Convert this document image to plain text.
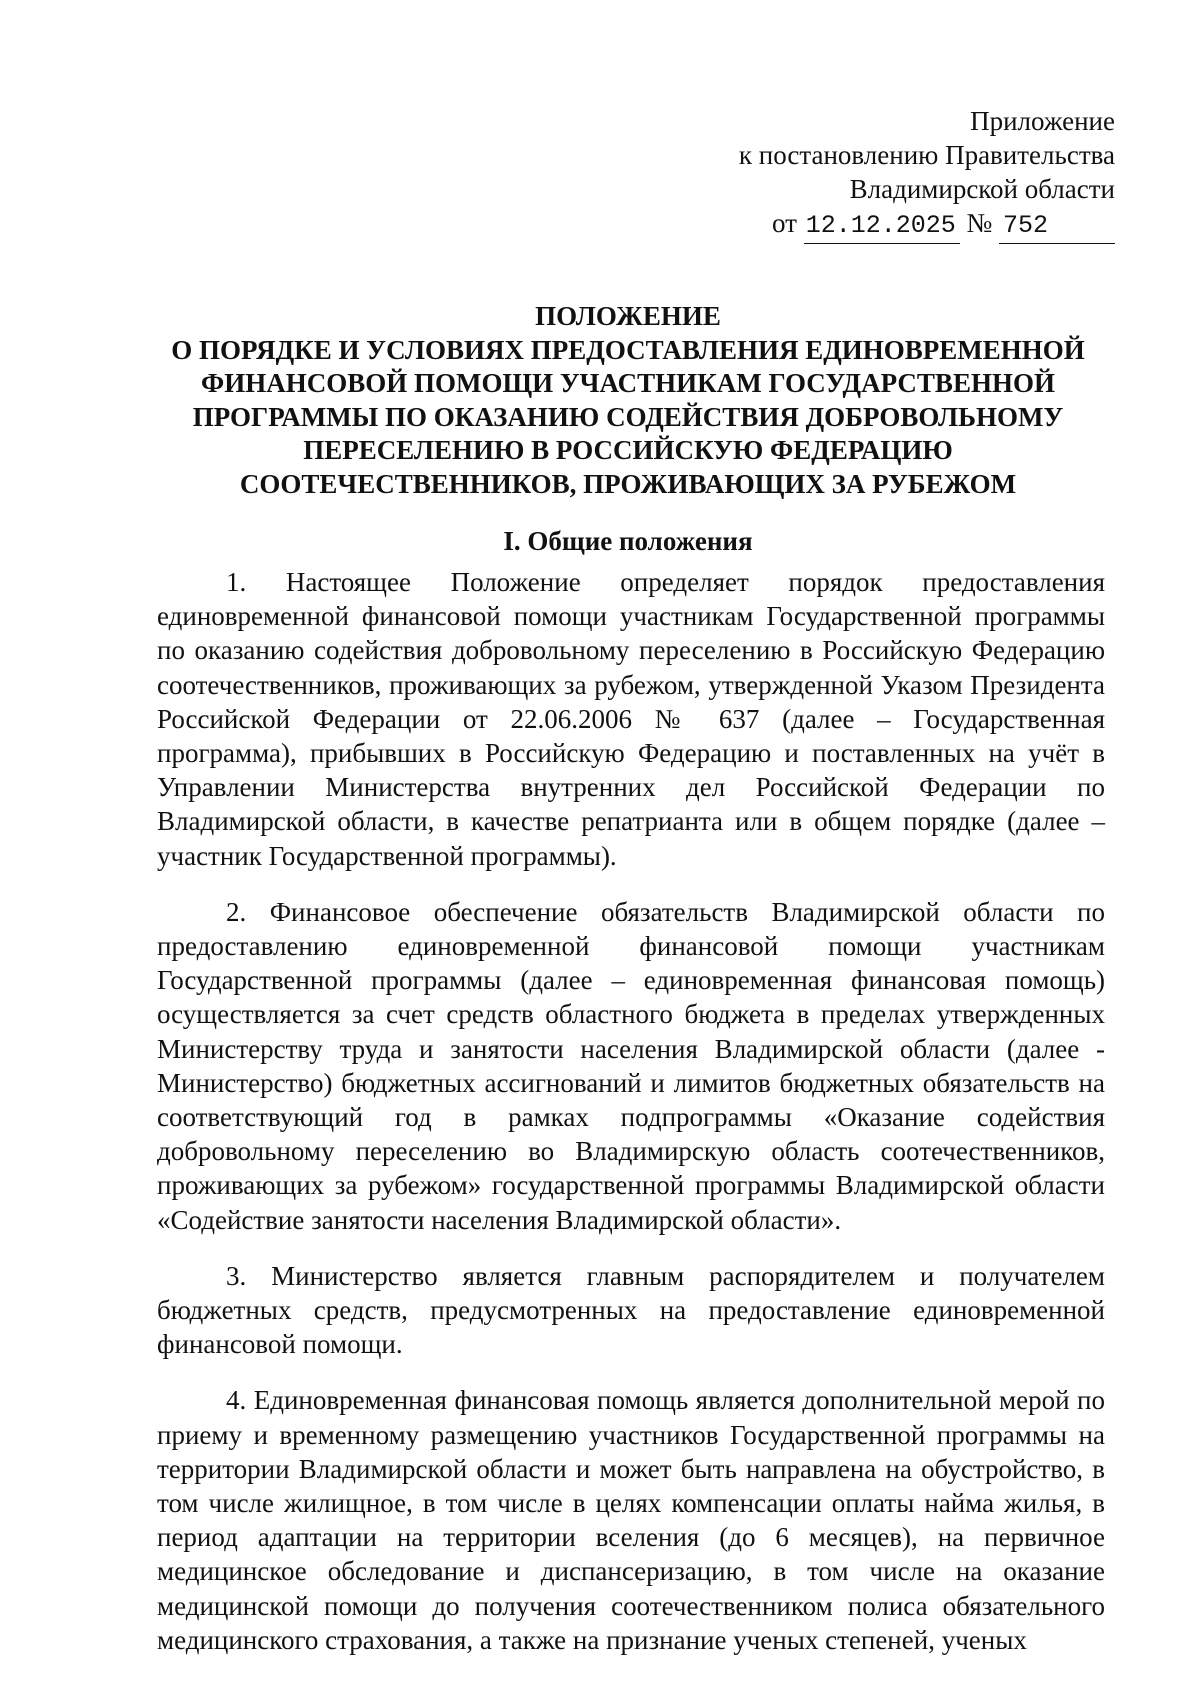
Приложение
к постановлению Правительства
Владимирской области
от 12.12.2025 № 752
ПОЛОЖЕНИЕ
О ПОРЯДКЕ И УСЛОВИЯХ ПРЕДОСТАВЛЕНИЯ ЕДИНОВРЕМЕННОЙ
ФИНАНСОВОЙ ПОМОЩИ УЧАСТНИКАМ ГОСУДАРСТВЕННОЙ
ПРОГРАММЫ ПО ОКАЗАНИЮ СОДЕЙСТВИЯ ДОБРОВОЛЬНОМУ
ПЕРЕСЕЛЕНИЮ В РОССИЙСКУЮ ФЕДЕРАЦИЮ
СООТЕЧЕСТВЕННИКОВ, ПРОЖИВАЮЩИХ ЗА РУБЕЖОМ
I. Общие положения

1. Настоящее Положение определяет порядок предоставления единовременной финансовой помощи участникам Государственной программы по оказанию содействия добровольному переселению в Российскую Федерацию соотечественников, проживающих за рубежом, утвержденной Указом Президента Российской Федерации от 22.06.2006 № 637 (далее – Государственная программа), прибывших в Российскую Федерацию и поставленных на учёт в Управлении Министерства внутренних дел Российской Федерации по Владимирской области, в качестве репатрианта или в общем порядке (далее – участник Государственной программы).

2. Финансовое обеспечение обязательств Владимирской области по предоставлению единовременной финансовой помощи участникам Государственной программы (далее – единовременная финансовая помощь) осуществляется за счет средств областного бюджета в пределах утвержденных Министерству труда и занятости населения Владимирской области (далее - Министерство) бюджетных ассигнований и лимитов бюджетных обязательств на соответствующий год в рамках подпрограммы «Оказание содействия добровольному переселению во Владимирскую область соотечественников, проживающих за рубежом» государственной программы Владимирской области «Содействие занятости населения Владимирской области».

3. Министерство является главным распорядителем и получателем бюджетных средств, предусмотренных на предоставление единовременной финансовой помощи.

4. Единовременная финансовая помощь является дополнительной мерой по приему и временному размещению участников Государственной программы на территории Владимирской области и может быть направлена на обустройство, в том числе жилищное, в том числе в целях компенсации оплаты найма жилья, в период адаптации на территории вселения (до 6 месяцев), на первичное медицинское обследование и диспансеризацию, в том числе на оказание медицинской помощи до получения соотечественником полиса обязательного медицинского страхования, а также на признание ученых степеней, ученых
